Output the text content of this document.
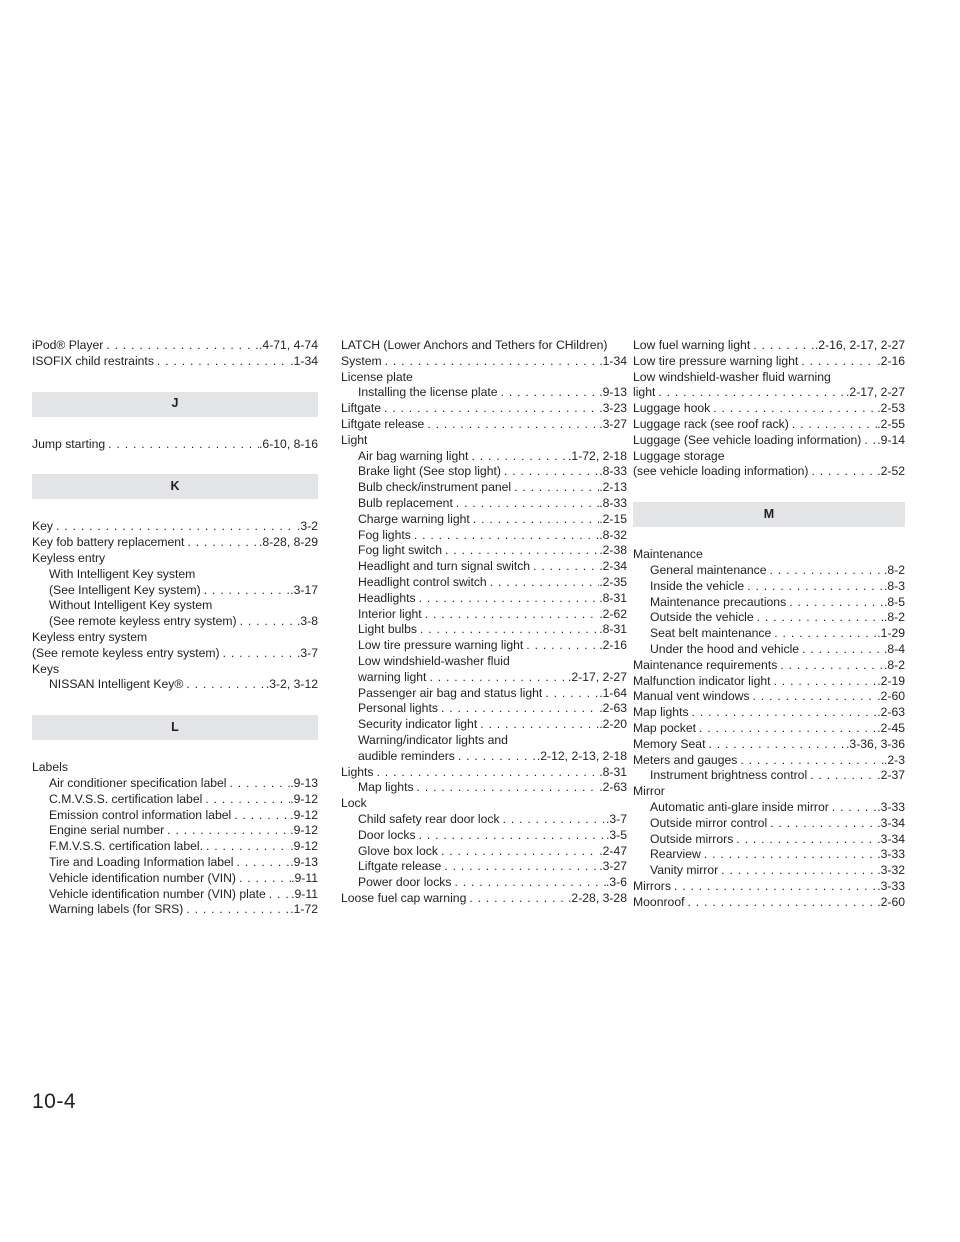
iPod® Player . . .	.4-71, 4-74
ISOFIX child restraints . . .	.1-34
J
Jump starting . . .	.6-10, 8-16
K
Key . . .	.3-2
Key fob battery replacement . . .	.8-28, 8-29
Keyless entry
With Intelligent Key system
(See Intelligent Key system) . . .	.3-17
Without Intelligent Key system
(See remote keyless entry system) . . .	.3-8
Keyless entry system
(See remote keyless entry system) . . .	.3-7
Keys
NISSAN Intelligent Key® . . .	.3-2, 3-12
L
Labels
Air conditioner specification label . . .	.9-13
C.M.V.S.S. certification label . . .	.9-12
Emission control information label . . .	.9-12
Engine serial number . . .	.9-12
F.M.V.S.S. certification label. . . .	.9-12
Tire and Loading Information label . . .	.9-13
Vehicle identification number (VIN) . . .	.9-11
Vehicle identification number (VIN) plate . . . .9-11
Warning labels (for SRS) . . .	.1-72
LATCH (Lower Anchors and Tethers for CHildren)
System . . .	.1-34
License plate
Installing the license plate . . .	.9-13
Liftgate . . .	.3-23
Liftgate release . . .	.3-27
Light
Air bag warning light . . .	.1-72, 2-18
Brake light (See stop light) . . .	.8-33
Bulb check/instrument panel . . .	.2-13
Bulb replacement . . .	.8-33
Charge warning light . . .	.2-15
Fog lights . . .	.8-32
Fog light switch . . .	.2-38
Headlight and turn signal switch . . .	.2-34
Headlight control switch . . .	.2-35
Headlights . . .	.8-31
Interior light . . .	.2-62
Light bulbs . . .	.8-31
Low tire pressure warning light . . .	.2-16
Low windshield-washer fluid
warning light . . .	.2-17, 2-27
Passenger air bag and status light . . .	.1-64
Personal lights . . .	.2-63
Security indicator light . . .	.2-20
Warning/indicator lights and
audible reminders . . .	.2-12, 2-13, 2-18
Lights . . .	.8-31
Map lights . . .	.2-63
Lock
Child safety rear door lock . . .	.3-7
Door locks . . .	.3-5
Glove box lock . . .	.2-47
Liftgate release . . .	.3-27
Power door locks . . .	.3-6
Loose fuel cap warning . . .	.2-28, 3-28
Low fuel warning light . . .	.2-16, 2-17, 2-27
Low tire pressure warning light . . .	.2-16
Low windshield-washer fluid warning
light . . .	.2-17, 2-27
Luggage hook . . .	.2-53
Luggage rack (see roof rack) . . .	.2-55
Luggage (See vehicle loading information) . . . .9-14
Luggage storage
(see vehicle loading information) . . .	.2-52
M
Maintenance
General maintenance . . .	.8-2
Inside the vehicle . . .	.8-3
Maintenance precautions . . .	.8-5
Outside the vehicle . . .	.8-2
Seat belt maintenance . . .	.1-29
Under the hood and vehicle . . .	.8-4
Maintenance requirements . . .	.8-2
Malfunction indicator light . . .	.2-19
Manual vent windows . . .	.2-60
Map lights . . .	.2-63
Map pocket . . .	.2-45
Memory Seat . . .	.3-36, 3-36
Meters and gauges . . .	.2-3
Instrument brightness control . . .	.2-37
Mirror
Automatic anti-glare inside mirror . . .	.3-33
Outside mirror control . . .	.3-34
Outside mirrors . . .	.3-34
Rearview . . .	.3-33
Vanity mirror . . .	.3-32
Mirrors . . .	.3-33
Moonroof . . .	.2-60
10-4
